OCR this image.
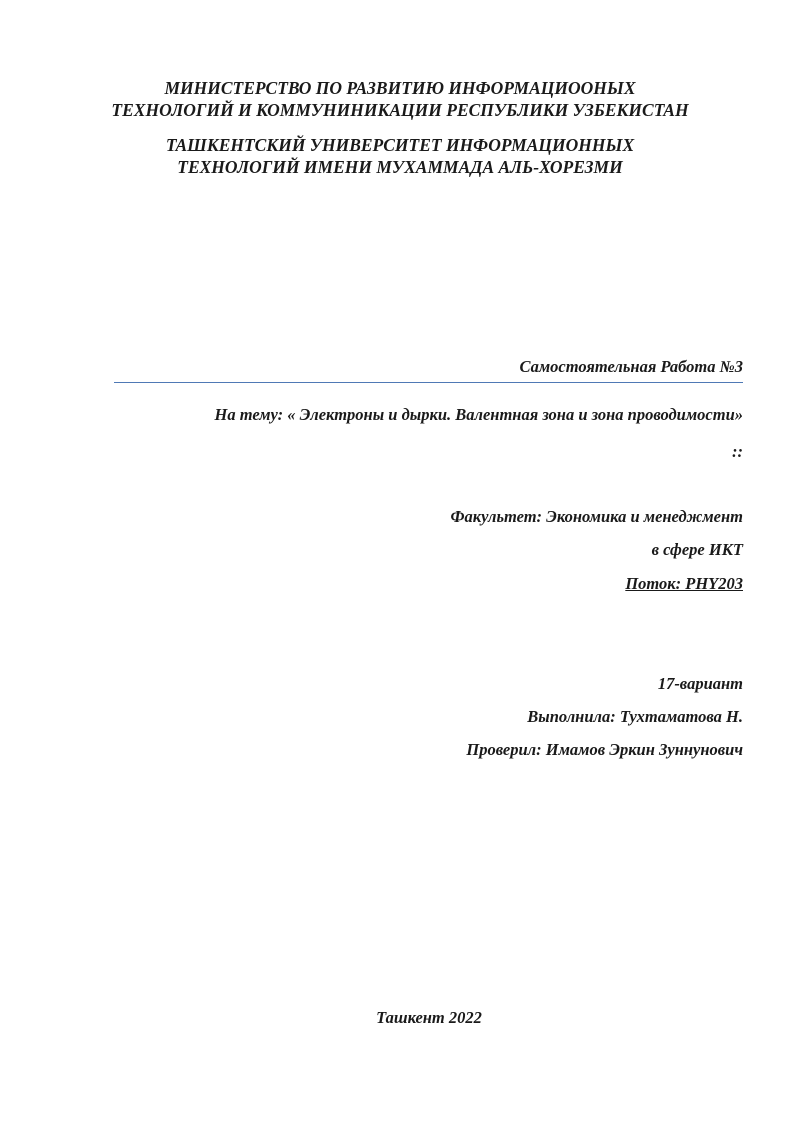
МИНИСТЕРСТВО ПО РАЗВИТИЮ ИНФОРМАЦИООНЫХ
ТЕХНОЛОГИЙ И КОММУНИНИКАЦИИ РЕСПУБЛИКИ УЗБЕКИСТАН
ТАШКЕНТСКИЙ УНИВЕРСИТЕТ ИНФОРМАЦИОННЫХ
ТЕХНОЛОГИЙ ИМЕНИ МУХАММАДА АЛЬ-ХОРЕЗМИ
Самостоятельная Работа №3
На тему: « Электроны и дырки. Валентная зона и зона проводимости»
::
Факультет: Экономика и менеджмент
в сфере ИКТ
Поток: PHY203
17-вариант
Выполнила: Тухтаматова Н.
Проверил: Имамов Эркин Зуннунович
Ташкент 2022
